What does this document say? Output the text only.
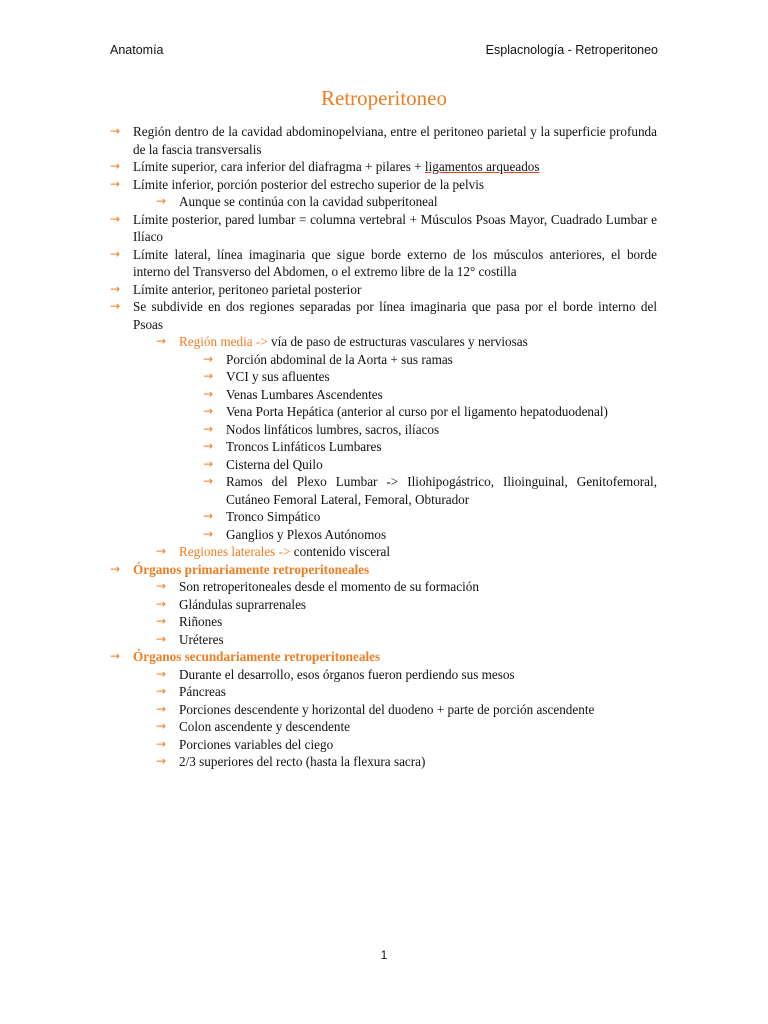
Anatomía	Esplacnología - Retroperitoneo
Retroperitoneo
→ Región dentro de la cavidad abdominopelviana, entre el peritoneo parietal y la superficie profunda de la fascia transversalis
→ Límite superior, cara inferior del diafragma + pilares + ligamentos arqueados
→ Límite inferior, porción posterior del estrecho superior de la pelvis
→ Aunque se continúa con la cavidad subperitoneal
→ Límite posterior, pared lumbar = columna vertebral + Músculos Psoas Mayor, Cuadrado Lumbar e Ilíaco
→ Límite lateral, línea imaginaria que sigue borde externo de los músculos anteriores, el borde interno del Transverso del Abdomen, o el extremo libre de la 12° costilla
→ Límite anterior, peritoneo parietal posterior
→ Se subdivide en dos regiones separadas por línea imaginaria que pasa por el borde interno del Psoas
→ Región media -> vía de paso de estructuras vasculares y nerviosas
→ Porción abdominal de la Aorta + sus ramas
→ VCI y sus afluentes
→ Venas Lumbares Ascendentes
→ Vena Porta Hepática (anterior al curso por el ligamento hepatoduodenal)
→ Nodos linfáticos lumbres, sacros, ilíacos
→ Troncos Linfáticos Lumbares
→ Cisterna del Quilo
→ Ramos del Plexo Lumbar -> Iliohipogástrico, Ilioinguinal, Genitofemoral, Cutáneo Femoral Lateral, Femoral, Obturador
→ Tronco Simpático
→ Ganglios y Plexos Autónomos
→ Regiones laterales -> contenido visceral
→ Órganos primariamente retroperitoneales
→ Son retroperitoneales desde el momento de su formación
→ Glándulas suprarrenales
→ Riñones
→ Uréteres
→ Órganos secundariamente retroperitoneales
→ Durante el desarrollo, esos órganos fueron perdiendo sus mesos
→ Páncreas
→ Porciones descendente y horizontal del duodeno + parte de porción ascendente
→ Colon ascendente y descendente
→ Porciones variables del ciego
→ 2/3 superiores del recto (hasta la flexura sacra)
1
